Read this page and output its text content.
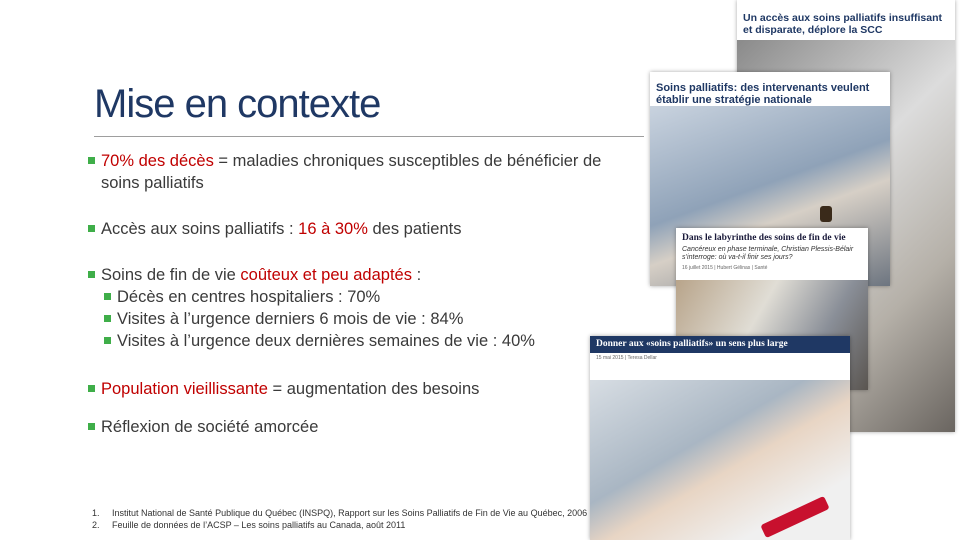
Mise en contexte
70% des décès = maladies chroniques susceptibles de bénéficier de soins palliatifs
Accès aux soins palliatifs : 16 à 30% des patients
Soins de fin de vie coûteux et peu adaptés :
Décès en centres hospitaliers : 70%
Visites à l’urgence derniers 6 mois de vie : 84%
Visites à l’urgence deux dernières semaines de vie : 40%
Population vieillissante = augmentation des besoins
Réflexion de société amorcée
1.	Institut National de Santé Publique du Québec (INSPQ), Rapport sur les Soins Palliatifs de Fin de Vie au Québec, 2006
2.	Feuille de données de l’ACSP – Les soins palliatifs au Canada, août 2011
Un accès aux soins palliatifs insuffisant et disparate, déplore la SCC
Soins palliatifs: des intervenants veulent établir une stratégie nationale
Dans le labyrinthe des soins de fin de vie
Cancéreux en phase terminale, Christian Plessis-Bélair s’interroge: où va-t-il finir ses jours?
16 juillet 2015 | Hubert Gélinas | Santé
Donner aux «soins palliatifs» un sens plus large
15 mai 2015 | Teresa Dellar
